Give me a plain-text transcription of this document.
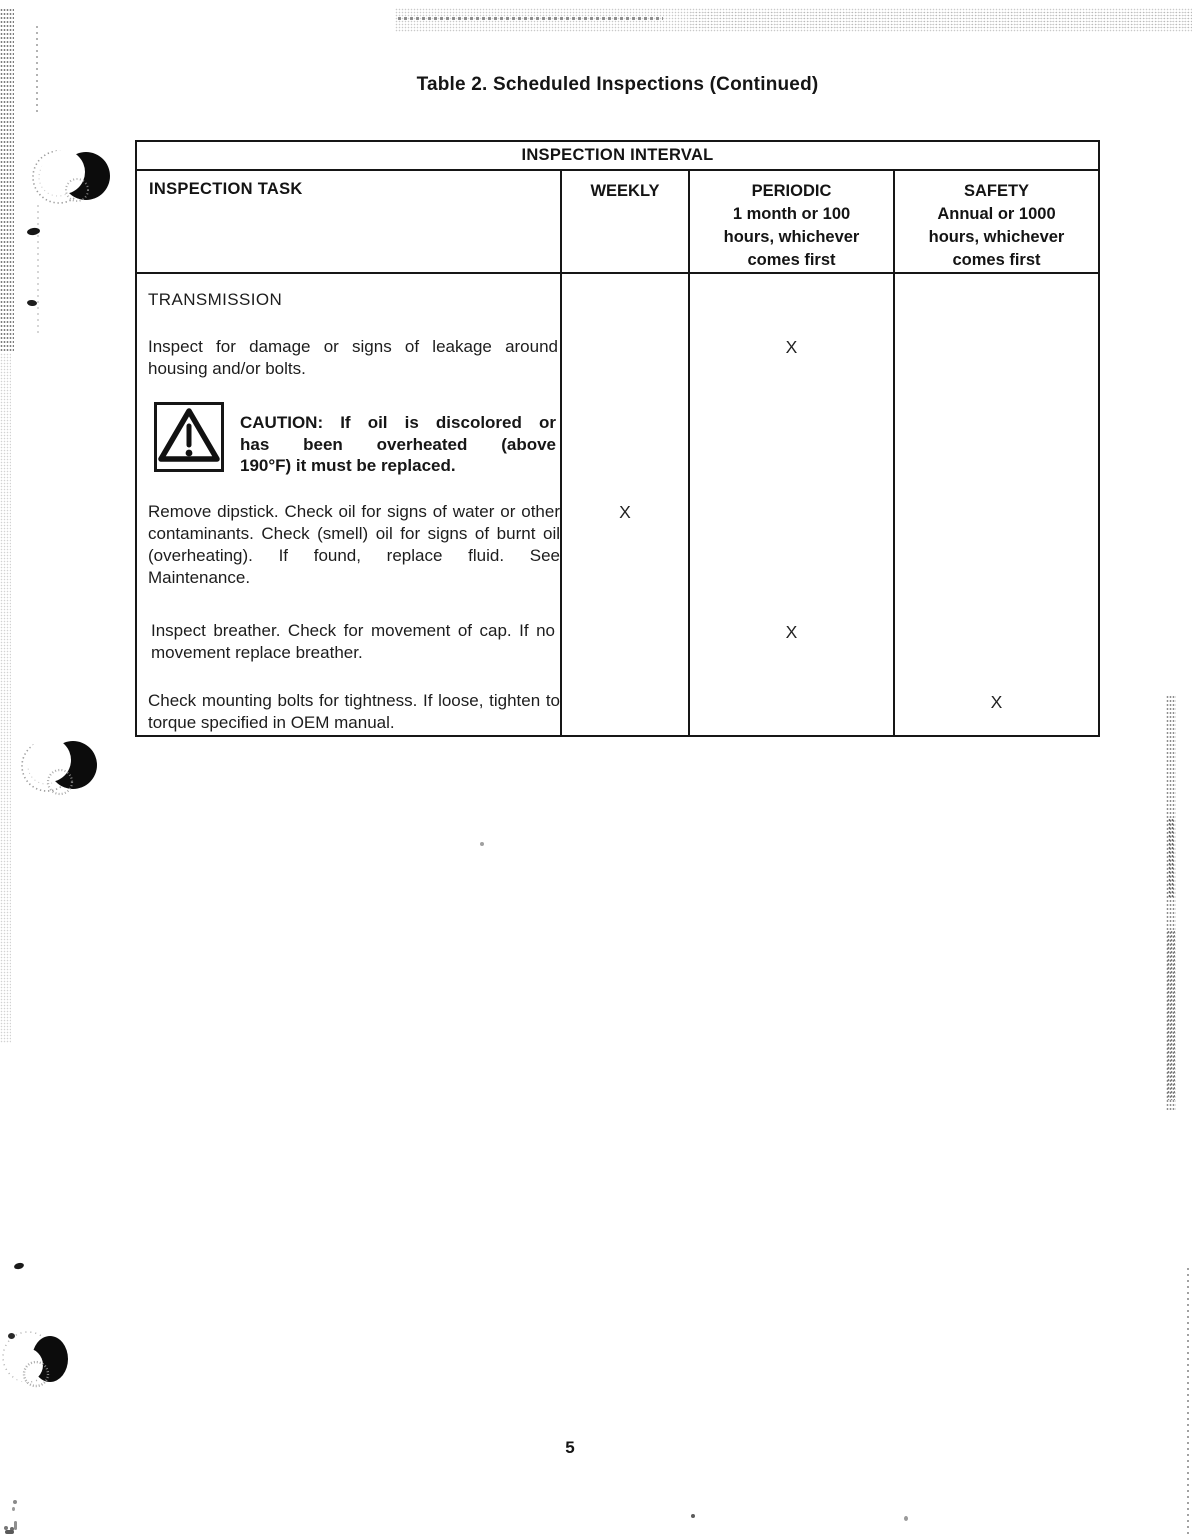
Table 2. Scheduled Inspections (Continued)
INSPECTION INTERVAL
INSPECTION TASK	WEEKLY	PERIODIC
1 month or 100
hours, whichever
comes first
SAFETY
Annual or 1000
hours, whichever
comes first
TRANSMISSION

Inspect for damage or signs of leakage around housing and/or bolts.

CAUTION: If oil is discolored or
has been overheated (above
190°F) it must be replaced.

Remove dipstick. Check oil for signs of water or other contaminants. Check (smell) oil for signs of burnt oil (overheating). If found, replace fluid. See Maintenance.

Inspect breather. Check for movement of cap. If no movement replace breather.

Check mounting bolts for tightness. If loose, tighten to torque specified in OEM manual.

X
X
X
X
5
